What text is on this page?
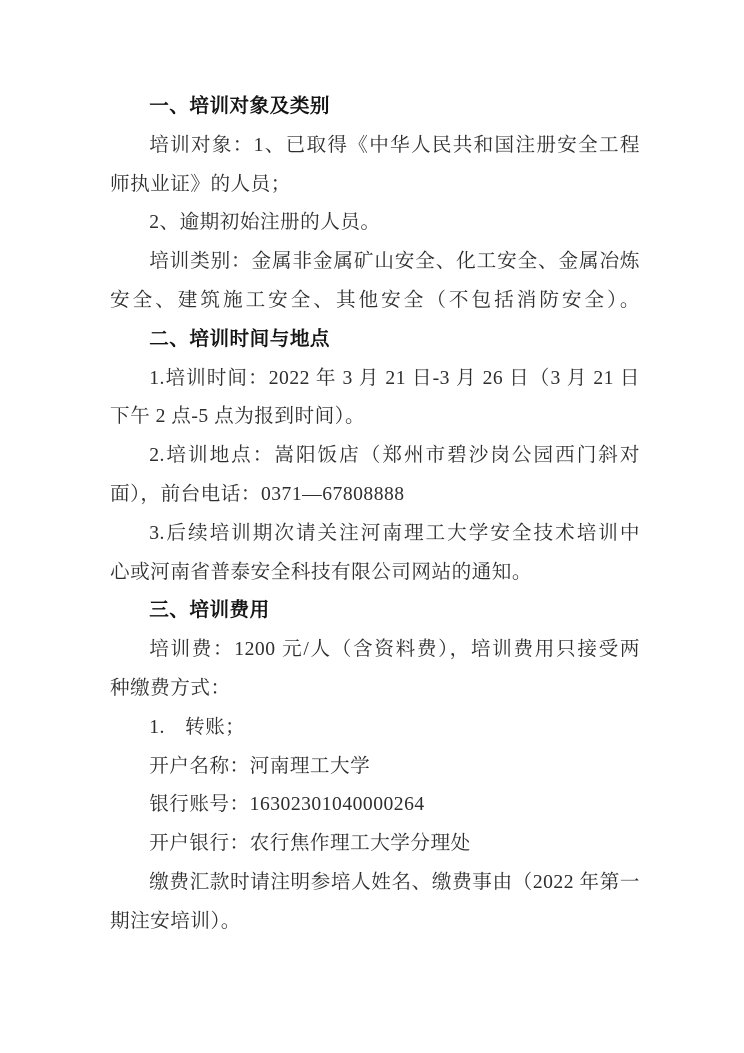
一、培训对象及类别
培训对象：1、已取得《中华人民共和国注册安全工程
师执业证》的人员；
2、逾期初始注册的人员。
培训类别：金属非金属矿山安全、化工安全、金属冶炼
安全、建筑施工安全、其他安全（不包括消防安全）。
二、培训时间与地点
1.培训时间：2022 年 3 月 21 日-3 月 26 日（3 月 21 日
下午 2 点-5 点为报到时间）。
2.培训地点：嵩阳饭店（郑州市碧沙岗公园西门斜对
面），前台电话：0371—67808888
3.后续培训期次请关注河南理工大学安全技术培训中
心或河南省普泰安全科技有限公司网站的通知。
三、培训费用
培训费：1200 元/人（含资料费），培训费用只接受两
种缴费方式：
1.　转账；
开户名称：河南理工大学
银行账号：16302301040000264
开户银行：农行焦作理工大学分理处
缴费汇款时请注明参培人姓名、缴费事由（2022 年第一
期注安培训）。
